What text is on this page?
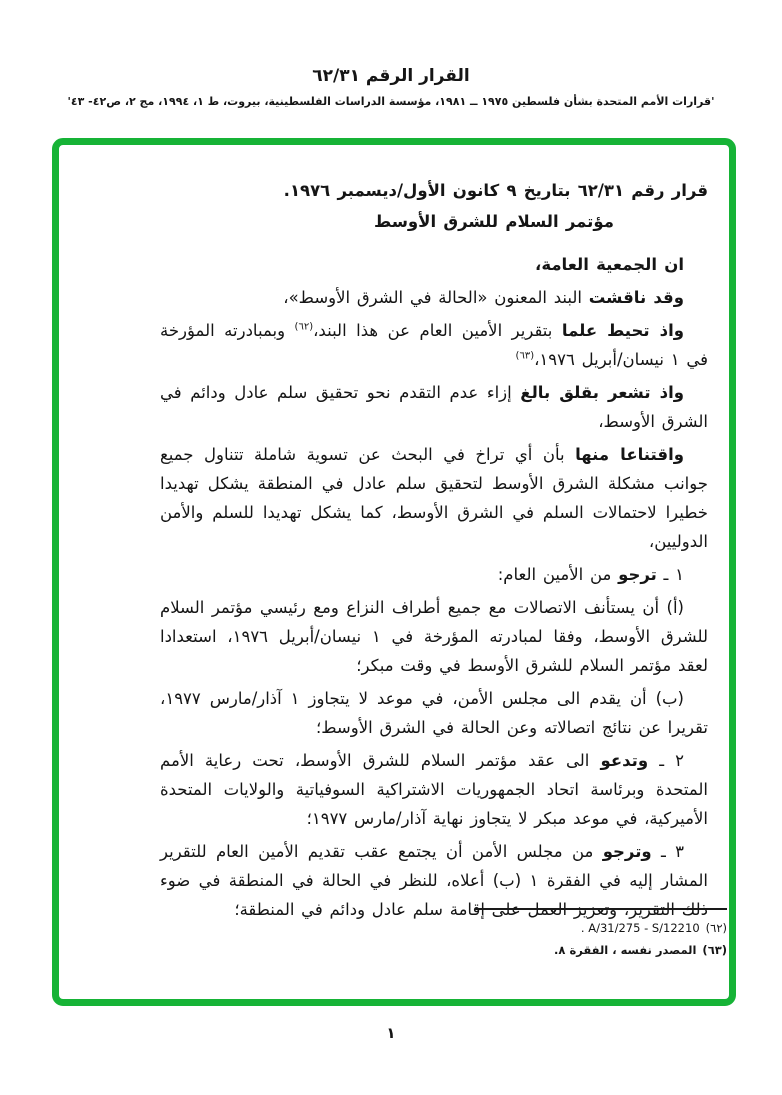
القرار الرقم ٦٢/٣١
'قرارات الأمم المتحدة بشأن فلسطين ١٩٧٥ ــ ١٩٨١، مؤسسة الدراسات الفلسطينية، بيروت، ط ١، ١٩٩٤، مج ٢، ص٤٢- ٤٣'

قرار رقم ٦٢/٣١ بتاريخ ٩ كانون الأول/ديسمبر ١٩٧٦.

مؤتمر السلام للشرق الأوسط

ان الجمعية العامة،

وقد ناقشت البند المعنون «الحالة في الشرق الأوسط»،

واذ تحيط علما بتقرير الأمين العام عن هذا البند،$^{(٦٢)}$ وبمبادرته المؤرخة في ١ نيسان/أبريل ١٩٧٦،$^{(٦٣)}$

واذ تشعر بقلق بالغ إزاء عدم التقدم نحو تحقيق سلم عادل ودائم في الشرق الأوسط،

واقتناعا منها بأن أي تراخ في البحث عن تسوية شاملة تتناول جميع جوانب مشكلة الشرق الأوسط لتحقيق سلم عادل في المنطقة يشكل تهديدا خطيرا لاحتمالات السلم في الشرق الأوسط، كما يشكل تهديدا للسلم والأمن الدوليين،

١ ـ ترجو من الأمين العام:

(أ) أن يستأنف الاتصالات مع جميع أطراف النزاع ومع رئيسي مؤتمر السلام للشرق الأوسط، وفقا لمبادرته المؤرخة في ١ نيسان/أبريل ١٩٧٦، استعدادا لعقد مؤتمر السلام للشرق الأوسط في وقت مبكر؛

(ب) أن يقدم الى مجلس الأمن، في موعد لا يتجاوز ١ آذار/مارس ١٩٧٧، تقريرا عن نتائج اتصالاته وعن الحالة في الشرق الأوسط؛

٢ ـ وتدعو الى عقد مؤتمر السلام للشرق الأوسط، تحت رعاية الأمم المتحدة وبرئاسة اتحاد الجمهوريات الاشتراكية السوفياتية والولايات المتحدة الأميركية، في موعد مبكر لا يتجاوز نهاية آذار/مارس ١٩٧٧؛

٣ ـ وترجو من مجلس الأمن أن يجتمع عقب تقديم الأمين العام للتقرير المشار إليه في الفقرة ١ (ب) أعلاه، للنظر في الحالة في المنطقة في ضوء ذلك التقرير، وتعزيز العمل على إقامة سلم عادل ودائم في المنطقة؛

(٦٢)A/31/275 - S/12210 .
(٦٣)المصدر نفسه ، الفقرة ٨.
١
